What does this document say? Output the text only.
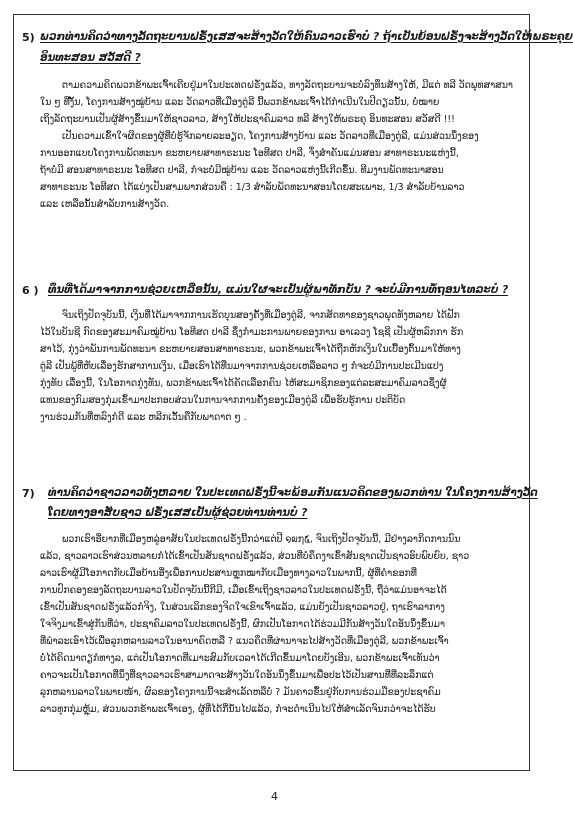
5) ພວກທ່ານຄິດວ່າທາງລັດຖະບານຝຣັ່ງເສສຈະສ້າງວັດໃຫ້ຄົນລາວເຮົາບໍ ? ຖ້າເປັນຍ້ອນຝຣັ່ງຈະສ້າງວັດໃຫ້ພຣະຄຸຍ
ອິນທະສອນ ສວັສດີ ?

ຕາມຄວາມຄິດພວກຂ້າພະເຈົ້າເຄີຍຢູ່ມາໃນປະເທດຝຣັ່ງແລ້ວ, ທາງລັດຖະບານຈະບໍ່ລົງທຶນສ້າງໃຫ້, ມີແຕ່ ທລີ ວັດພຸທສາສນາ

ໃນ ໆ ທີ່ງັ້ນ, ໂຄງການສ້າງໝູ່ບ້ານ ແລະ ວັດລາວທີ່ເມືອງຕູ່ລີ ນີ້ພວກຂ້າພະເຈົ້າໄດ້ກຳເນີນໃນປີດຽວນັ້ນ, ບໍ່ໝາຍ

ເຖິງລັດຖະບານເປັນຜູ້ສ້າງຂຶ້ນມາໃຫ້ຊາວລາວ, ສ້າງໃຫ້ປະຊາຄົມລາວ ທລີ ສ້າງໃຫ້ພຣະຄຸ ອິນທະສອນ ສວັສດີ !!!

ເປັນຄວາມເຂົ້າໃຈຜິດຂອງຜູ້ທີ່ບໍ່ຮູ້ຈັກລາຍລະອຽດ, ໂຄງການສ້າງບ້ານ ແລະ ວັດລາວທີ່ເມືອງຕູ່ລີ, ແມ່ນສ່ວນນຶ່ງຂອງ

ການອອກແບບໂຄງການພັດທະນາ ຂະຫຍາຍສາທາຣະນະ ໂອທີສດ ປາລີ, ຈຶ່ງສຳຄັນແມ່ນສອນ ສາທາຣະນະແຫ່ງນີ້,

ຖ້າບໍ່ມີ ສອນສາທາຣະນະ ໂອທີສດ ປາລີ, ກໍຈະບໍ່ມີໝູ່ບ້ານ ແລະ ວັດລາວແຫ່ງນີ້ເກີດຂຶ້ນ. ທີມງານພັດທະນາສອນ

ສາທາຣະນະ ໂອທີສດ ໄດ້ແບ່ງເປັນສາມພາກສ່ວນຄື : 1/3 ສຳລັບພັດທະນາສອນໂດຍສະເພາະ, 1/3 ສຳລັບບ້ານລາວ

ແລະ ເຫລືອນັ້ນສຳລັບການສ້າງວັດ.

6 ) ທຶນທີ່ໄດ້ມາຈາກການຊ່ວຍເຫລືອນັ້ນ, ແມ່ນໃຜຈະເປັນຜູ້ພາທັກບັນ ? ຈະບໍ່ມີການທໍ້ຖອນໄທລະບໍ ?

ຈົນເຖິງປັດຈຸບັນນີ້, ເງິນທີ່ໄດ້ມາຈາກການເຮັດບຸນສອງຄັ້ງທີ່ເມືອງຕູ່ລີ, ຈາກສັດທາຂອງຊາວພຸດທັງຫລາຍ ໄດ້ຟັກ

ໄວ້ໃນບັນຊີ ກົດຂອງສະມາຄົມໝູ່ບ້ານ ໂອທີສດ ປາລີ ຊຶ່ງກຳມະການພາຍຂອງການ ອາເລວງ ໂຊຊີ ເປັນຜູ້ຫລົກກາ ຮັກ

ສາໄວ້, ກຸ່ງວ່າພັນການພັດທະນາ ຂະຫຍາຍສອນສາທາຣະນະ, ພວກຂ້າພະເຈົ້າໄດ້ຖືກຫັກເງິນໃນເບື້ອງຕົ້ນມາໃຫ້ທາງ

ຕູ່ລີ ເປັນພູ້ທີ່ຫັບເລື່ອງຮັກສາການເງິນ, ເມື່ອເຮົາໄດ້ທືນມາຈາກການຊ່ວຍເຫລືອລາວ ໆ ກໍຈະບໍ່ມີການປະເມີນແປງ

ກຸ່ງທັບ ເລື່ອງນີ້, ໃນໂອກາດກູ່ງທັນ, ພວກຂ້າພະເຈົ້າໄດ້ຄັດເລືອກຄົນ ໄຫ້ສະມາຊິກຂອງແຕ່ລະສະມາຄົມລາວຊຶ່ງຜູ້

ແທນຂອງກົມສອງກຸ່ມເຂົ້າມາປະກອບສ່ວນໃນການຈາກການຄັ້ງຂອງເມືອງຕູ່ລີ ເພື່ອຮັບຮູ້ການ ປະຕິບັດ

ງານຮ່ວມກັນທີ່ຫລົງກໍດີ ແລະ ຫລີກເວັ້ນຄືກັບພາດາຕ ໆ .

7) ທ່ານຄິດວ່າຊາວລາວທັງຫລາຍ ໃນປະເທດຝຣັ່ງນີ້ຈະພ້ອມກັນແນວຄິດຂອງພວກທ່ານ ໃນໂຄງການສ້າງວັດ
ໂດຍທາງອາສັບຊາວ ຝຣັ່ງເສສເປັນຜູ້ຊ່ວຍທ່ານທ່ານບໍ ?

ພວກເຮົາອີ່ຍາກທີ່ເມືອງຫລູ່ອາສັຍໃນປະເທດຝຣັ່ງນີ້ກວ່າແຕ່ປີ ໑໙໗໕, ຈົນເຖິງປັດຈຸບັນນີ້, ມີຢ່າງລາກິດການນົນ

ແລ້ວ, ຊາວລາວເຮົາສ່ວນຫລາຍກໍໄດ້ເຂົ້າເປັນສັນຊາດຝຣັ່ງແລ້ວ, ສ່ວນທີ່ບໍ່ຄຶດງາເຂົ້າສັນຊາດເປັນຊາວອົບພົບຍົບ, ຊາວ

ລາວເຮົາຜູ້ມີໂອກາດກັບເມືອບ້ານອີ່ງເພື່ອການປະສານຫຼຸກໝາກັບເມືອງທາງລາວໃນພາກນີ້, ຜູ້ທີ່ຄຳຂອກທີ່

ການປົກຄອງຂອງລັດຖະບານລາວໃນປັດຈຸບັນນີ້ກີມີ, ເມື່ອເຂົ້າເຖິງຊາວລາວໃນປະເທດຝຣັ່ງນີ້, ຖືວ່າແມ່ນອາຈະໄດ້

ເຂົ້າເປັນສັນຊາດຝຣັ່ງແລ້ວກໍຈິງ, ໃນສ່ວນເລິກຂອງຈິດໃຈເຂົາເຈົ້າແລ້ວ, ແມ່ນຍັງເປັນຊາວລາວຢູ່, ຖາເຮົາລາກາງ

ໃຈຈິງມາເຂົ້າສູ່ກັນທີ່ວ່າ, ປະຊາຄົມລາວໃນປະເທດຝຣັ່ງນີ້, ຜົກເປັນໂອກາດໄດ້ຮ່ວມມີກັນສ້າງວັນໃດອັນນຶ່ງຂຶ້ນມາ

ທີ່ພຳລະເອົາໄວ້ເພື່ອລູກຫລານລາວໃນອານາຄົດຫລື ? ແນວຄຶດທີ່ຜ່ານາຈະໄປສ້າງວັດທີ່ເມືອງຕູ່ລີ, ພວກຂ້າພະເຈົ້າ

ບໍ່ໄດ້ຄິດນາຕຽກໍທາງລ, ແຕ່ເປັນໂອກາດທີ່ເມາະສົມກັບເວລາໄດ້ເກີດຂຶ້ນມາໂດຍບັງເອີນ, ພວກຂ້າພະເຈົ້າເທັນວ່າ

ຄາວຈະເປັນໂອກາດທີ່ນຶ່ງທີ່ຊາວລາວເຮົາສາມາດຈະສ້າງວັນໃດອັນນຶ່ງຂຶ້ນມາເພື່ອປະໄວ້ເປັນສານທີ່ທີ່ລະລຶກແຕ່

ລຸກຫລານລາວໃນພາຍໜ້າ, ຜົລຂອງໂຄງການນີ້ຈະສຳເລັດຫລືບໍ່ ? ມັນຄາວຂຶ້ນຢູ່ກັບການຮ່ວມມືຂອງປະຊາຄົມ

ລາວທຸກກຸ່ມຫຼຸ້ມ, ສ່ວນພວກຂ້າພະເຈົ້າເອງ, ຜູ້ທີ່ໄດ້ກີ່ນໍ້ນໄປແລ້ວ, ກໍຈະດຳເນີນໄປໃຫ້ສຳເລັດຈົນກວ່າຈະໄດ້ຮັບ

4
